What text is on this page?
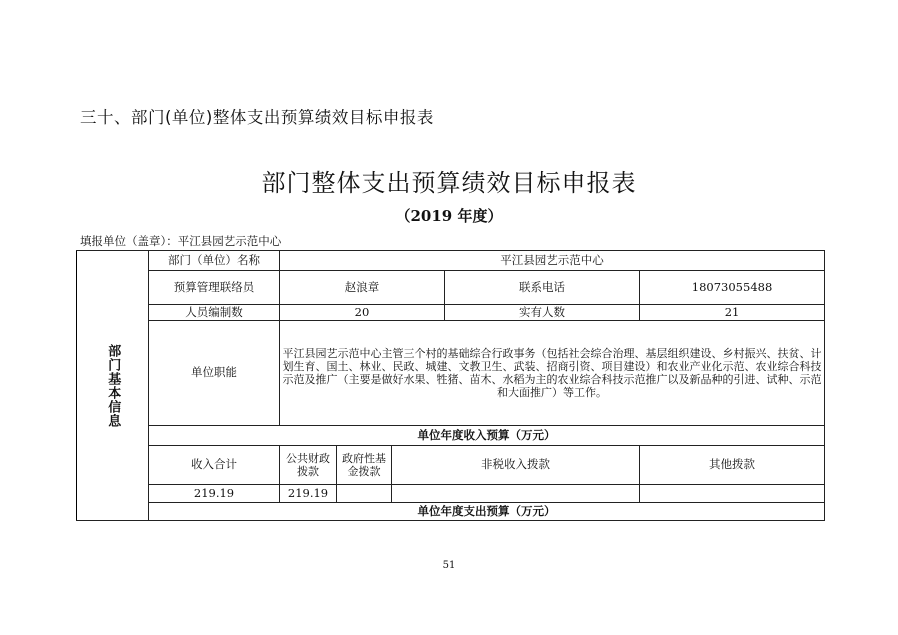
三十、部门(单位)整体支出预算绩效目标申报表
部门整体支出预算绩效目标申报表
（2019 年度）
填报单位（盖章）：平江县园艺示范中心
部门基本信息	部门（单位）名称	平江县园艺示范中心				
	预算管理联络员	赵浪章			联系电话	18073055488
	人员编制数	20			实有人数	21
	单位职能	平江县园艺示范中心主管三个村的基础综合行政事务（包括社会综合治理、基层组织建设、乡村振兴、扶贫、计划生育、国土、林业、民政、城建、文教卫生、武装、招商引资、项目建设）和农业产业化示范、农业综合科技示范及推广（主要是做好水果、牲猪、苗木、水稻为主的农业综合科技示范推广以及新品种的引进、试种、示范和大面推广）等工作。				
	单位年度收入预算（万元）					
	收入合计	公共财政拨款	政府性基金拨款	非税收入拨款		其他拨款
	219.19	219.19				
	单位年度支出预算（万元）					
51
